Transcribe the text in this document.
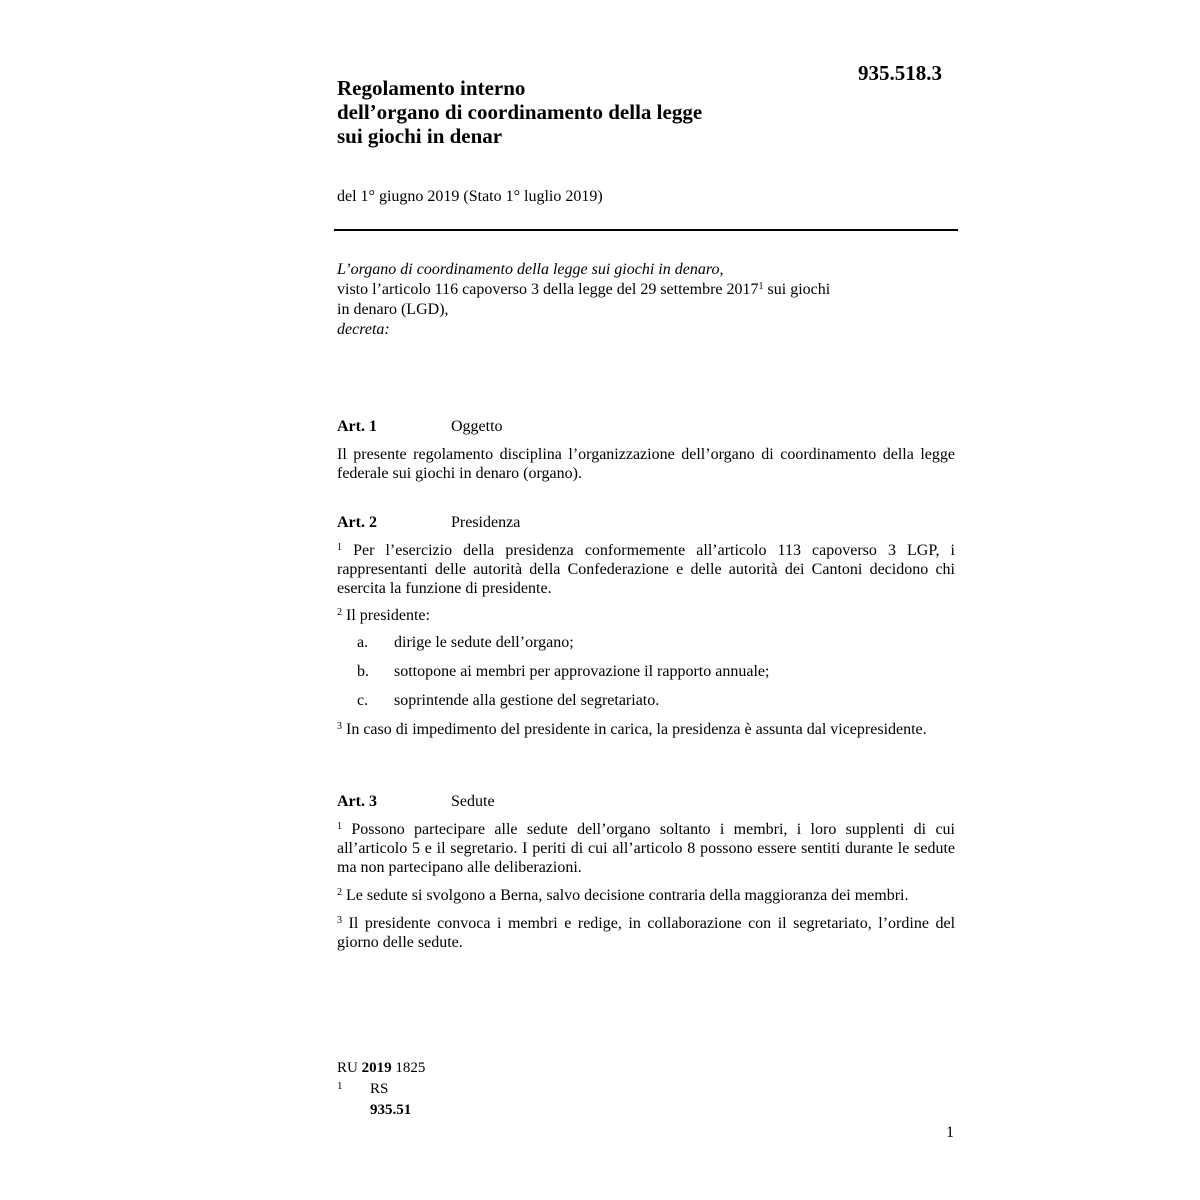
935.518.3
Regolamento interno
dell’organo di coordinamento della legge
sui giochi in denar
del 1° giugno 2019 (Stato 1° luglio 2019)

L’organo di coordinamento della legge sui giochi in denaro,

visto l’articolo 116 capoverso 3 della legge del 29 settembre 2017$^1$ sui giochi
in denaro (LGD),

decreta:

Art. 1	Oggetto

Il presente regolamento disciplina l’organizzazione dell’organo di coordinamento della legge federale sui giochi in denaro (organo).

Art. 2	Presidenza

$^1$ Per l’esercizio della presidenza conformemente all’articolo 113 capoverso 3 LGP, i rappresentanti delle autorità della Confederazione e delle autorità dei Cantoni decidono chi esercita la funzione di presidente.

$^2$ Il presidente:

a. dirige le sedute dell’organo;

b. sottopone ai membri per approvazione il rapporto annuale;

c. soprintende alla gestione del segretariato.

$^3$ In caso di impedimento del presidente in carica, la presidenza è assunta dal vicepresidente.

Art. 3	Sedute

$^1$ Possono partecipare alle sedute dell’organo soltanto i membri, i loro supplenti di cui all’articolo 5 e il segretario. I periti di cui all’articolo 8 possono essere sentiti durante le sedute ma non partecipano alle deliberazioni.

$^2$ Le sedute si svolgono a Berna, salvo decisione contraria della maggioranza dei membri.

$^3$ Il presidente convoca i membri e redige, in collaborazione con il segretariato, l’ordine del giorno delle sedute.

RU 2019 1825
1 RS 935.51
1
